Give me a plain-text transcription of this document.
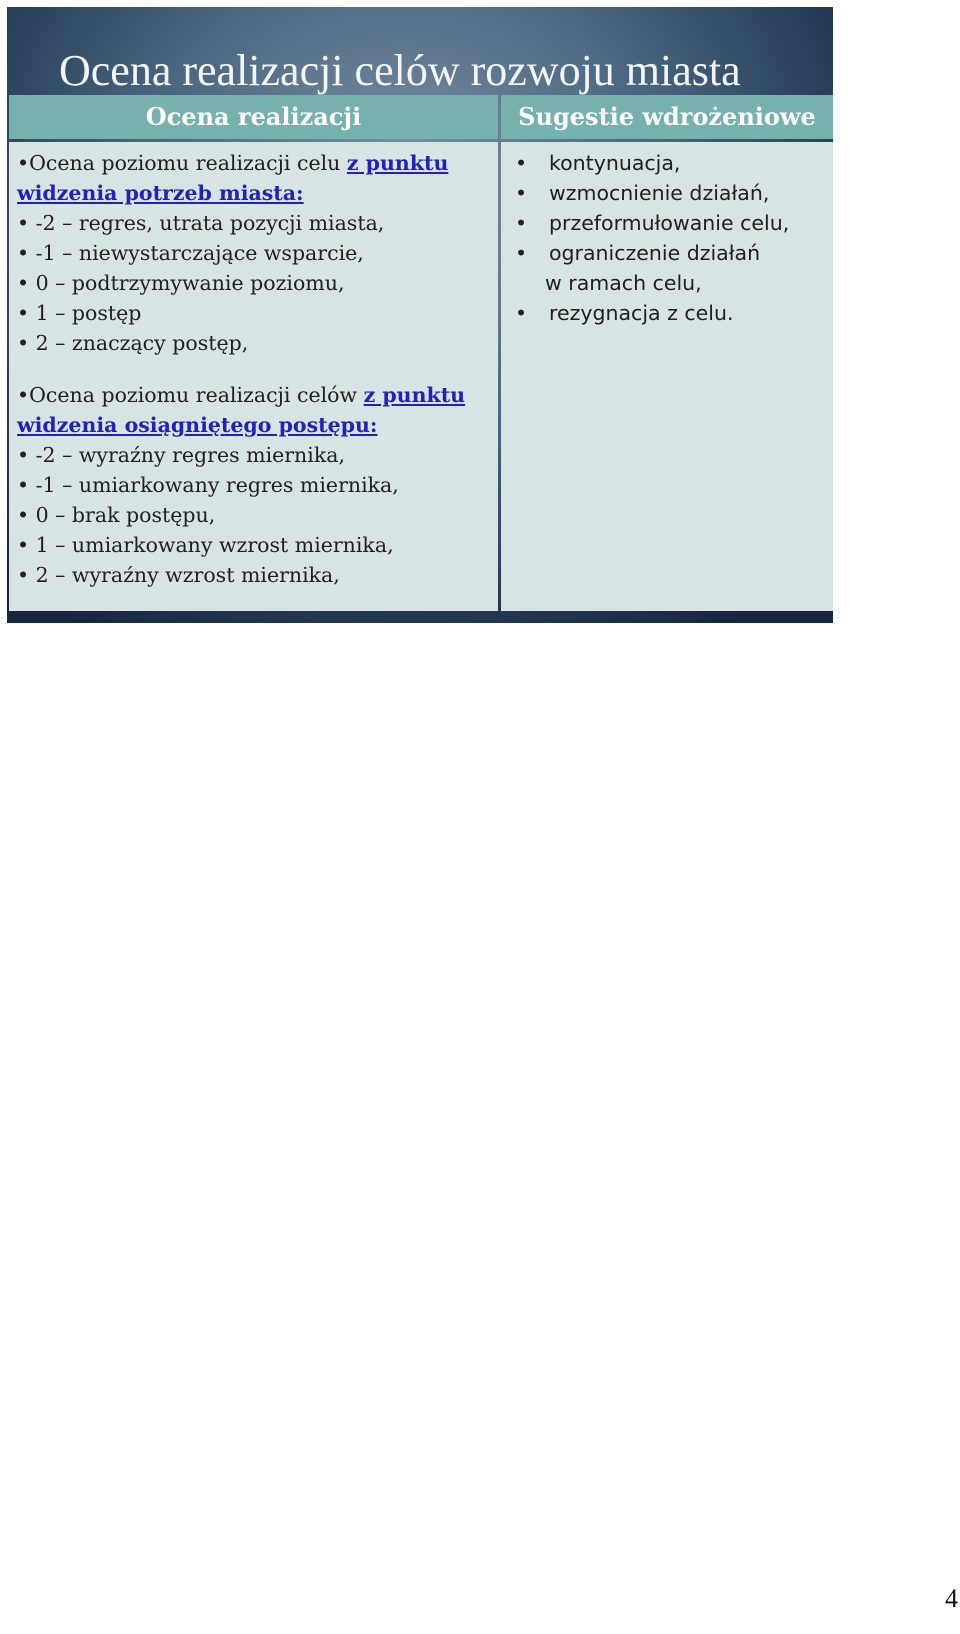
Ocena realizacji celów rozwoju miasta
Ocena realizacji	Sugestie wdrożeniowe
•Ocena poziomu realizacji celu z punktu
widzenia potrzeb miasta:
• -2 – regres, utrata pozycji miasta,
• -1 – niewystarczające wsparcie,
• 0 – podtrzymywanie poziomu,
• 1 – postęp
• 2 – znaczący postęp,
•Ocena poziomu realizacji celów z punktu
widzenia osiągniętego postępu:
• -2 – wyraźny regres miernika,
• -1 – umiarkowany regres miernika,
• 0 – brak postępu,
• 1 – umiarkowany wzrost miernika,
• 2 – wyraźny wzrost miernika,
• kontynuacja,
• wzmocnienie działań,
• przeformułowanie celu,
• ograniczenie działań
w ramach celu,
• rezygnacja z celu.
4
